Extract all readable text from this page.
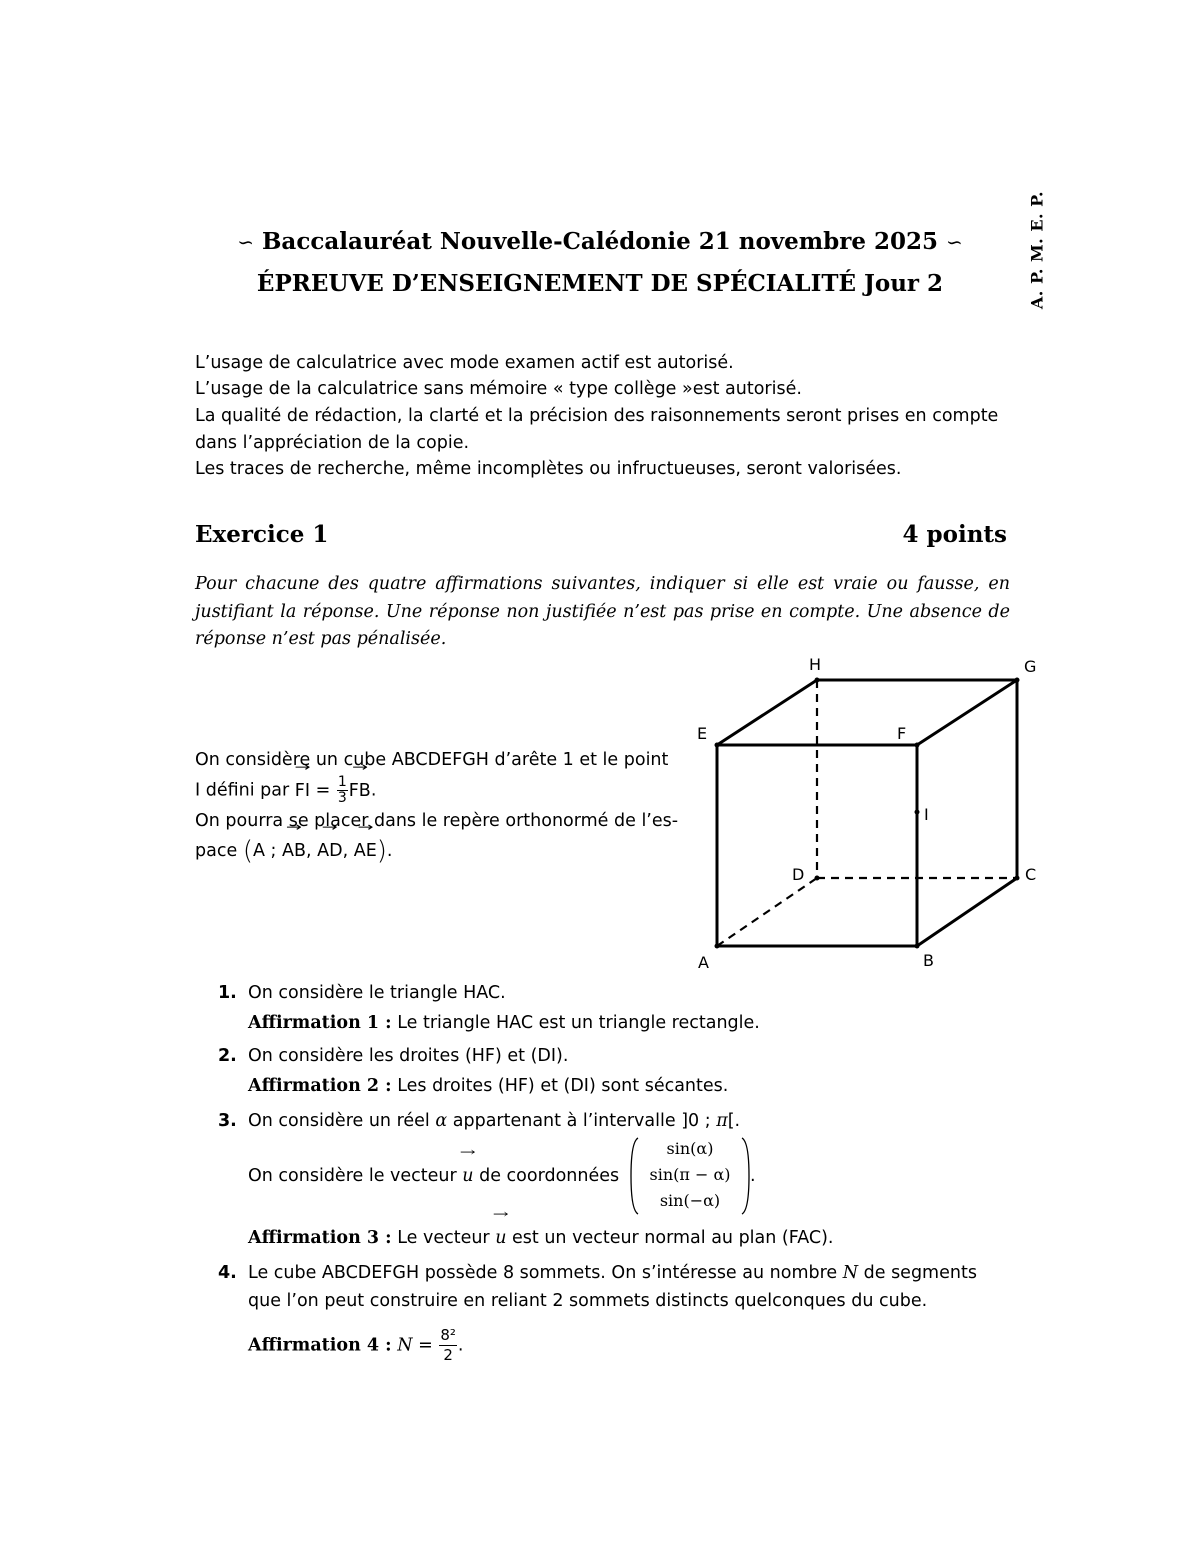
A. P. M. E. P.
∽ Baccalauréat Nouvelle-Calédonie 21 novembre 2025 ∽
ÉPREUVE D’ENSEIGNEMENT DE SPÉCIALITÉ Jour 2
L’usage de calculatrice avec mode examen actif est autorisé.
L’usage de la calculatrice sans mémoire « type collège »est autorisé.
La qualité de rédaction, la clarté et la précision des raisonnements seront prises en compte
dans l’appréciation de la copie.
Les traces de recherche, même incomplètes ou infructueuses, seront valorisées.
Exercice 1	4 points
Pour chacune des quatre affirmations suivantes, indiquer si elle est vraie ou fausse, en justifiant la réponse. Une réponse non justifiée n’est pas prise en compte. Une absence de réponse n’est pas pénalisée.
On considère un cube ABCDEFGH d’arête 1 et le point
I défini par → FI = $\frac{1}{3}$ → FB.
On pourra se placer dans le repère orthonormé de l’es-
pace (A ; → AB, → AD, → AE).
A	B
C
D
E	F
G
H
I
1. On considère le triangle HAC.
Affirmation 1 : Le triangle HAC est un triangle rectangle.
2. On considère les droites (HF) et (DI).
Affirmation 2 : Les droites (HF) et (DI) sont sécantes.
3. On considère un réel α appartenant à l’intervalle ]0 ; π[.
On considère le vecteur → u de coordonnées
sin(α)
sin(π − α)
sin(−α)
.
Affirmation 3 : Le vecteur → u est un vecteur normal au plan (FAC).
4. Le cube ABCDEFGH possède 8 sommets. On s’intéresse au nombre N de segments
que l’on peut construire en reliant 2 sommets distincts quelconques du cube.
Affirmation 4 : $N = \frac{\text{8²}}{2}$ .
